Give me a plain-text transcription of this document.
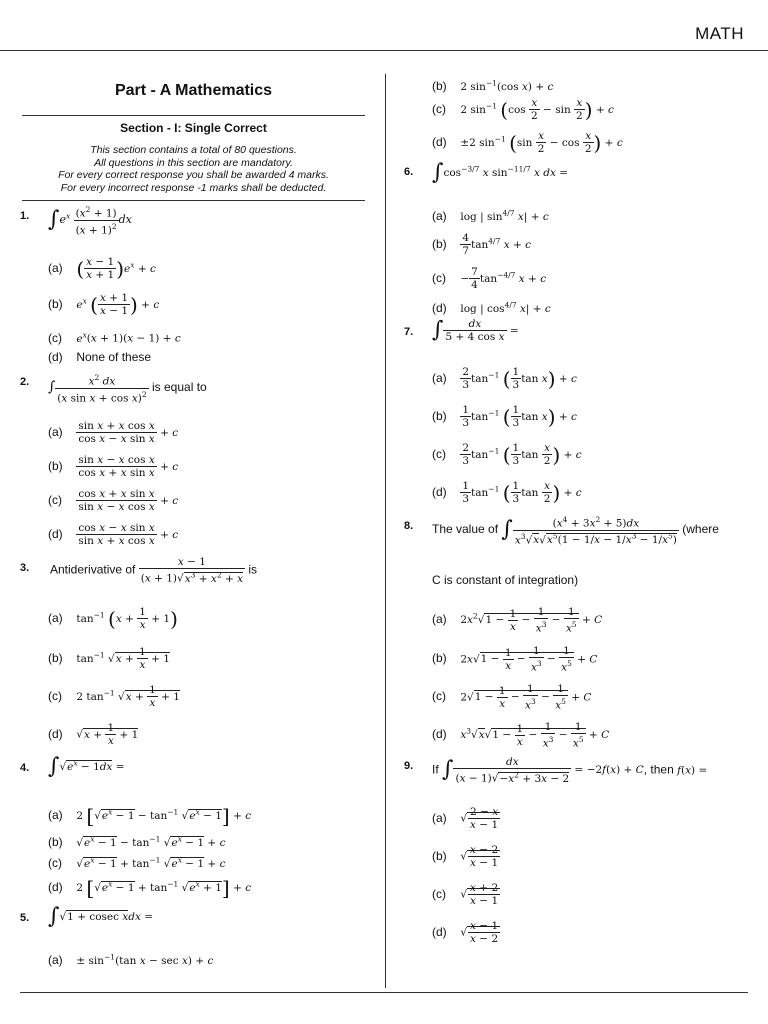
MATH
Part - A Mathematics
Section - I: Single Correct
This section contains a total of 80 questions.
All questions in this section are mandatory.
For every correct response you shall be awarded 4 marks.
For every incorrect response -1 marks shall be deducted.
1. $\int e^x \frac{(x^2 + 1)}{(x + 1)^2}$ dx
(a) ( $\frac{x - 1}{x + 1} )e^x + c$
(b) $e^x$ ( $\frac{x + 1}{x - 1}$ ) + c
(c) $e^x(x + 1)(x - 1) + c$
(d) None of these
2. ∫ $\frac{x^2 dx}{(x \sin x + \cos x)^2}$ is equal to
$(a) \frac{\text{sin x + x cos x}}{\text{cos x − x sin x}} + c$
$(b) \frac{\text{sin x − x cos x}}{\text{cos x + x sin x}} + c$
$(c) \frac{\text{cos x + x sin x}}{\text{sin x − x cos x}} + c$
$(d) \frac{\text{cos x − x sin x}}{\text{sin x + x cos x}} + c$
3. Antiderivative of $\frac{x - 1}{(x + 1)√x^3 + x^2 + x}$ is
(a) $\tan^{-1} (x + \frac{1}{x} + 1)$
(b) $\tan^{-1} √x + \frac{1}{x} + 1$
(c) 2 $\tan^{-1} √x + \frac{1}{x} + 1$
(d) $√x + \frac{1}{x} + 1$
4. $\int√e^x - 1dx$ =
(a) 2 $[√e^x - 1 - \tan^{-1} √e^x - 1] + c$
(b) $√e^x - 1 - \tan^{-1} √e^x - 1 + c$
(c) $√e^x - 1 + \tan^{-1} √e^x - 1 + c$
(d) 2 $[√e^x - 1 + \tan^{-1} √e^x + 1] + c$
5. ∫√1 + cosec xdx =
$(a) \pm \sin^{-1}(\tan$ x − sec x) + c
(b) 2 $\sin^{-1}(\cos$ x) + c
(c) 2 $\sin^{-1} (\cos \frac{x}{2} - \sin \frac{x}{2}$ ) + c
(d) ±2 $\sin^{-1} (\sin \frac{x}{2} - \cos \frac{x}{2}$ ) + c
6. $\int\cos^{-3/7}$ x $\sin^{-11/7} x$ dx =
(a) log | $\sin^{4/7} x| + c$
$(b) \frac{4}{7} \tan^{4/7} x + c$
$(c) - \frac{7}{4} \tan^{-4/7} x + c$
(d) log | $\cos^{4/7} x| + c$
7. ∫ $\frac{dx}{\text{5 + 4 cos x}}$ =
$(a) \frac{2}{3} \tan^{-1}$ ( $\frac{1}{3}$ tan x) + c
$(b) \frac{1}{3} \tan^{-1}$ ( $\frac{1}{3}$ tan x) + c
$(c) \frac{2}{3} \tan^{-1}$ ( $\frac{1}{3}$ $\tan \frac{x}{2}$ ) + c
$(d) \frac{1}{3} \tan^{-1}$ ( $\frac{1}{3}$ $\tan \frac{x}{2}$ ) + c
8. The value of ∫ $\frac{(x^4 + 3x^2 + 5)dx}{x^3√x√x^5(1 - 1/x - 1/x^3 - 1/x^5)}$ (where
C is constant of integration)
(a) $2x^2√1 - \frac{1}{x} - \frac{1}{x^3} - \frac{1}{x^5} + C$
(b) $2x√1 - \frac{1}{x} - \frac{1}{x^3} - \frac{1}{x^5} + C$
(c) $2√1 - \frac{1}{x} - \frac{1}{x^3} - \frac{1}{x^5} + C$
(d) $x^3√x√1 - \frac{1}{x} - \frac{1}{x^3} - \frac{1}{x^5} + C$
9. If ∫ $\frac{dx}{(x - 1)√-x^2 + 3x - 2} = -2f(x) + C$, then f(x) =
(a) √ $\frac{2 - x}{x - 1}$
(b) √ $\frac{x - 2}{x - 1}$
(c) √ $\frac{x + 2}{x - 1}$
(d) √ $\frac{x - 1}{x - 2}$
